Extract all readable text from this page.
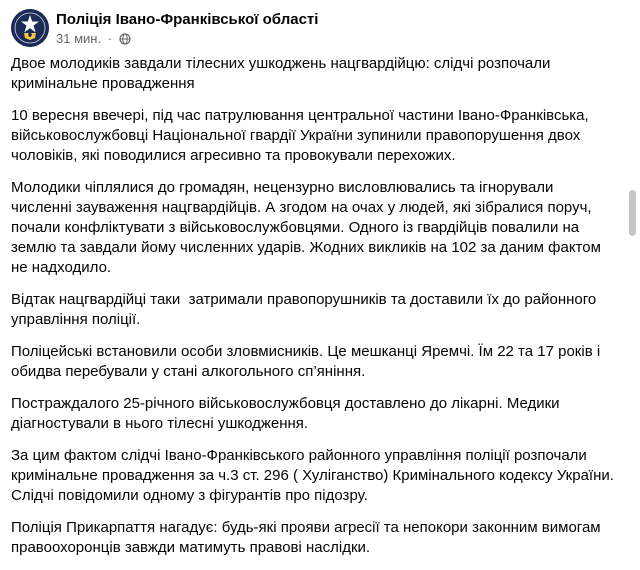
Поліція Івано-Франківської області
31 мин. ·

Двое молодиків завдали тілесних ушкоджень нацгвардійцю: слідчі розпочали кримінальне провадження

10 вересня ввечері, під час патрулювання центральної частини Івано-Франківська, військовослужбовці Національної гвардії України зупинили правопорушення двох чоловіків, які поводилися агресивно та провокували перехожих.

Молодики чіплялися до громадян, нецензурно висловлювались та ігнорували численні зауваження нацгвардійців. А згодом на очах у людей, які зібралися поруч, почали конфліктувати з військовослужбовцями. Одного із гвардійців повалили на землю та завдали йому численних ударів. Жодних викликів на 102 за даним фактом не надходило.

Відтак нацгвардійці таки  затримали правопорушників та доставили їх до районного управління поліції.

Поліцейські встановили особи зловмисників. Це мешканці Яремчі. Їм 22 та 17 років і обидва перебували у стані алкогольного сп’яніння.

Постраждалого 25-річного військовослужбовця доставлено до лікарні. Медики діагностували в нього тілесні ушкодження.

За цим фактом слідчі Івано-Франківського районного управління поліції розпочали кримінальне провадження за ч.3 ст. 296 ( Хуліганство) Кримінального кодексу України. Слідчі повідомили одному з фігурантів про підозру.

Поліція Прикарпаття нагадує: будь-які прояви агресії та непокори законним вимогам правоохоронців завжди матимуть правові наслідки.
